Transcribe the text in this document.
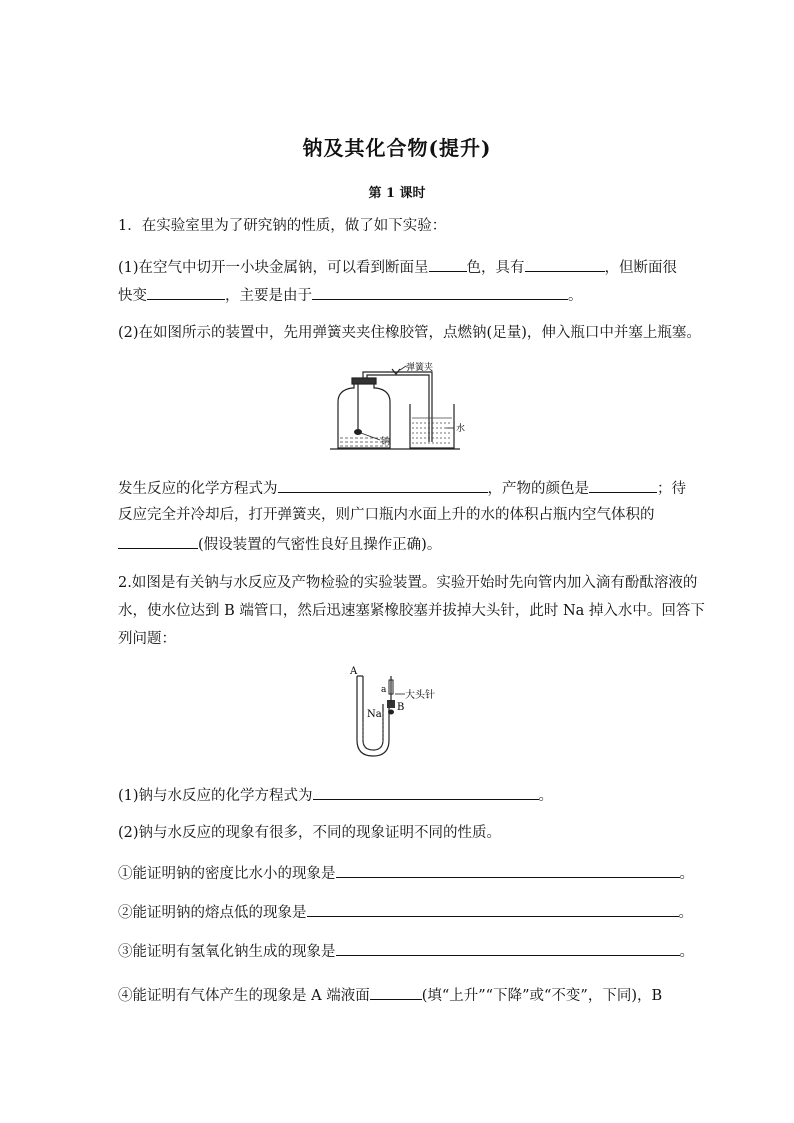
钠及其化合物(提升)
第 1 课时
1．在实验室里为了研究钠的性质，做了如下实验：
(1)在空气中切开一小块金属钠，可以看到断面呈	色，具有	，但断面很
快变	，主要是由于	。
(2)在如图所示的装置中，先用弹簧夹夹住橡胶管，点燃钠(足量)，伸入瓶口中并塞上瓶塞。
弹簧夹
钠
水
发生反应的化学方程式为	，产物的颜色是	；待
反应完全并冷却后，打开弹簧夹，则广口瓶内水面上升的水的体积占瓶内空气体积的
(假设装置的气密性良好且操作正确)。
2.如图是有关钠与水反应及产物检验的实验装置。实验开始时先向管内加入滴有酚酞溶液的
水，使水位达到 B 端管口，然后迅速塞紧橡胶塞并拔掉大头针，此时 Na 掉入水中。回答下
列问题：
A
a 大头针
Na
B
(1)钠与水反应的化学方程式为	。
(2)钠与水反应的现象有很多，不同的现象证明不同的性质。
①能证明钠的密度比水小的现象是	。
②能证明钠的熔点低的现象是	。
③能证明有氢氧化钠生成的现象是	。
④能证明有气体产生的现象是 A 端液面	(填“上升”“下降”或“不变”，下同)，B
